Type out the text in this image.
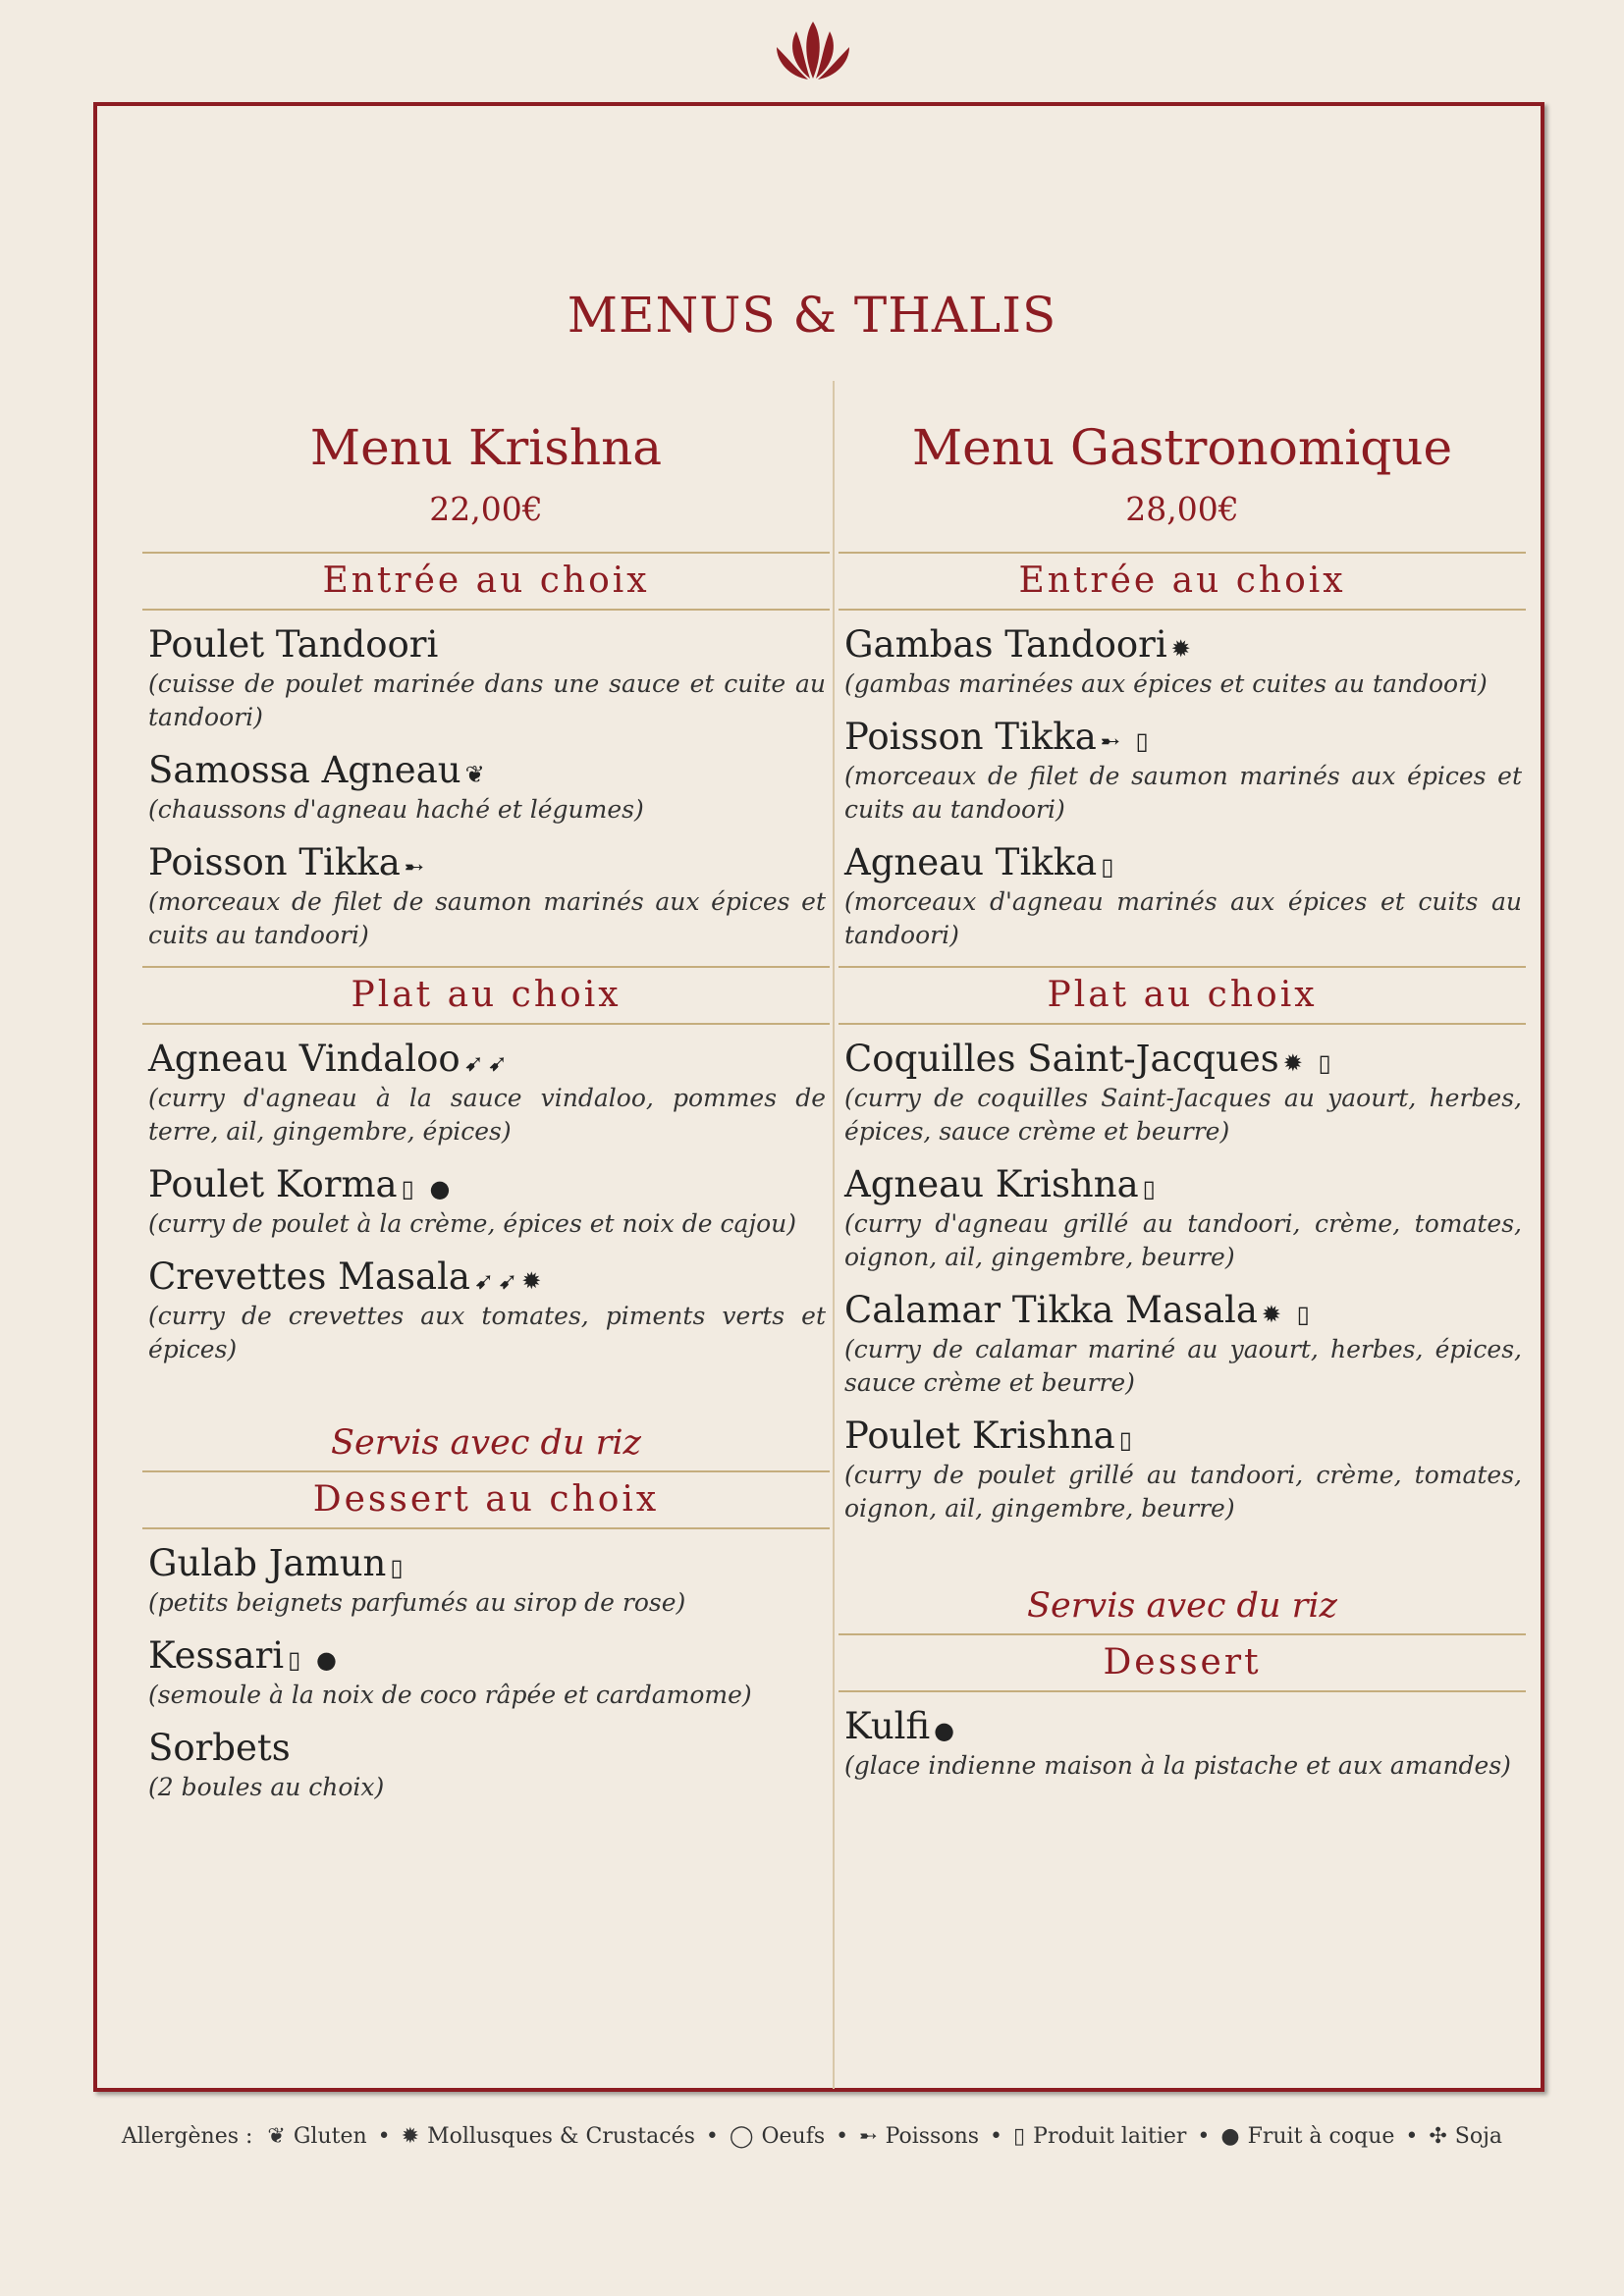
MENUS & THALIS
Menu Krishna
22,00€
Entrée au choix
Poulet Tandoori
(cuisse de poulet marinée dans une sauce et cuite au tandoori)
Samossa Agneau ❦
(chaussons d'agneau haché et légumes)
Poisson Tikka ➸
(morceaux de filet de saumon marinés aux épices et cuits au tandoori)
Plat au choix
Agneau Vindaloo ➹➹
(curry d'agneau à la sauce vindaloo, pommes de terre, ail, gingembre, épices)
Poulet Korma ▯ ●
(curry de poulet à la crème, épices et noix de cajou)
Crevettes Masala ➹➹✹
(curry de crevettes aux tomates, piments verts et épices)
Servis avec du riz
Dessert au choix
Gulab Jamun ▯
(petits beignets parfumés au sirop de rose)
Kessari ▯ ●
(semoule à la noix de coco râpée et cardamome)
Sorbets
(2 boules au choix)
Menu Gastronomique
28,00€
Entrée au choix
Gambas Tandoori ✹
(gambas marinées aux épices et cuites au tandoori)
Poisson Tikka ➸ ▯
(morceaux de filet de saumon marinés aux épices et cuits au tandoori)
Agneau Tikka ▯
(morceaux d'agneau marinés aux épices et cuits au tandoori)
Plat au choix
Coquilles Saint-Jacques ✹ ▯
(curry de coquilles Saint-Jacques au yaourt, herbes, épices, sauce crème et beurre)
Agneau Krishna ▯
(curry d'agneau grillé au tandoori, crème, tomates, oignon, ail, gingembre, beurre)
Calamar Tikka Masala ✹ ▯
(curry de calamar mariné au yaourt, herbes, épices, sauce crème et beurre)
Poulet Krishna ▯
(curry de poulet grillé au tandoori, crème, tomates, oignon, ail, gingembre, beurre)
Servis avec du riz
Dessert
Kulfi ●
(glace indienne maison à la pistache et aux amandes)
Allergènes : ❦ Gluten • ✹ Mollusques & Crustacés • ◯ Oeufs • ➸ Poissons • ▯ Produit laitier • ● Fruit à coque • ✣ Soja
